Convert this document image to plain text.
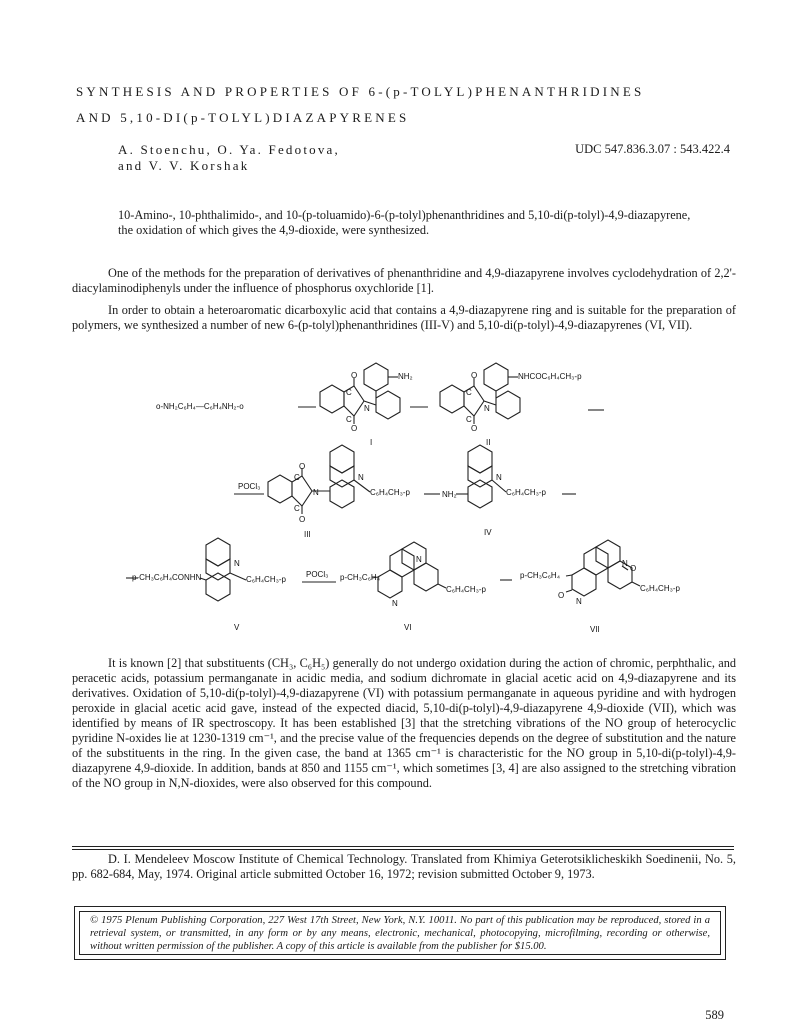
SYNTHESIS AND PROPERTIES OF 6-(p-TOLYL)PHENANTHRIDINES
AND 5,10-DI(p-TOLYL)DIAZAPYRENES
A. Stoenchu, O. Ya. Fedotova,
and V. V. Korshak
UDC 547.836.3.07 : 543.422.4
10-Amino-, 10-phthalimido-, and 10-(p-toluamido)-6-(p-tolyl)phenanthridines and 5,10-di(p-tolyl)-4,9-diazapyrene, the oxidation of which gives the 4,9-dioxide, were synthesized.

One of the methods for the preparation of derivatives of phenanthridine and 4,9-diazapyrene involves cyclodehydration of 2,2'-diacylaminodiphenyls under the influence of phosphorus oxychloride [1].

In order to obtain a heteroaromatic dicarboxylic acid that contains a 4,9-diazapyrene ring and is suitable for the preparation of polymers, we synthesized a number of new 6-(p-tolyl)phenanthridines (III-V) and 5,10-di(p-tolyl)-4,9-diazapyrenes (VI, VII).

o-NH₂C₆H₄—C₆H₄NH₂-o
NH₂
O
O
C
C
N
I
NHCOC₆H₄CH₃-p
O
O
C
C
N
II
POCl₃
O
O
C
C
N
N
C₆H₄CH₃-p
III
NH₂
N
C₆H₄CH₃-p
IV
p-CH₃C₆H₄CONHN
N
C₆H₄CH₃-p
V
POCl₃ p-CH₃C₆H₄
N
N
C₆H₄CH₃-p
VI
p-CH₃C₆H₄
N
O
N
O
C₆H₄CH₃-p
VII

It is known [2] that substituents (CH₃, C₆H₅) generally do not undergo oxidation during the action of chromic, perphthalic, and peracetic acids, potassium permanganate in acidic media, and sodium dichromate in glacial acetic acid on 4,9-diazapyrene and its derivatives. Oxidation of 5,10-di(p-tolyl)-4,9-diazapyrene (VI) with potassium permanganate in aqueous pyridine and with hydrogen peroxide in glacial acetic acid gave, instead of the expected diacid, 5,10-di(p-tolyl)-4,9-diazapyrene 4,9-dioxide (VII), which was identified by means of IR spectroscopy. It has been established [3] that the stretching vibrations of the NO group of heterocyclic pyridine N-oxides lie at 1230-1319 cm⁻¹, and the precise value of the frequencies depends on the degree of substitution and the nature of the substituents in the ring. In the given case, the band at 1365 cm⁻¹ is characteristic for the NO group in 5,10-di(p-tolyl)-4,9-diazapyrene 4,9-dioxide. In addition, bands at 850 and 1155 cm⁻¹, which sometimes [3, 4] are also assigned to the stretching vibration of the NO group in N,N-dioxides, were also observed for this compound.

D. I. Mendeleev Moscow Institute of Chemical Technology. Translated from Khimiya Geterotsiklicheskikh Soedinenii, No. 5, pp. 682-684, May, 1974. Original article submitted October 16, 1972; revision submitted October 9, 1973.

© 1975 Plenum Publishing Corporation, 227 West 17th Street, New York, N.Y. 10011. No part of this publication may be reproduced, stored in a retrieval system, or transmitted, in any form or by any means, electronic, mechanical, photocopying, microfilming, recording or otherwise, without written permission of the publisher. A copy of this article is available from the publisher for $15.00.
589
